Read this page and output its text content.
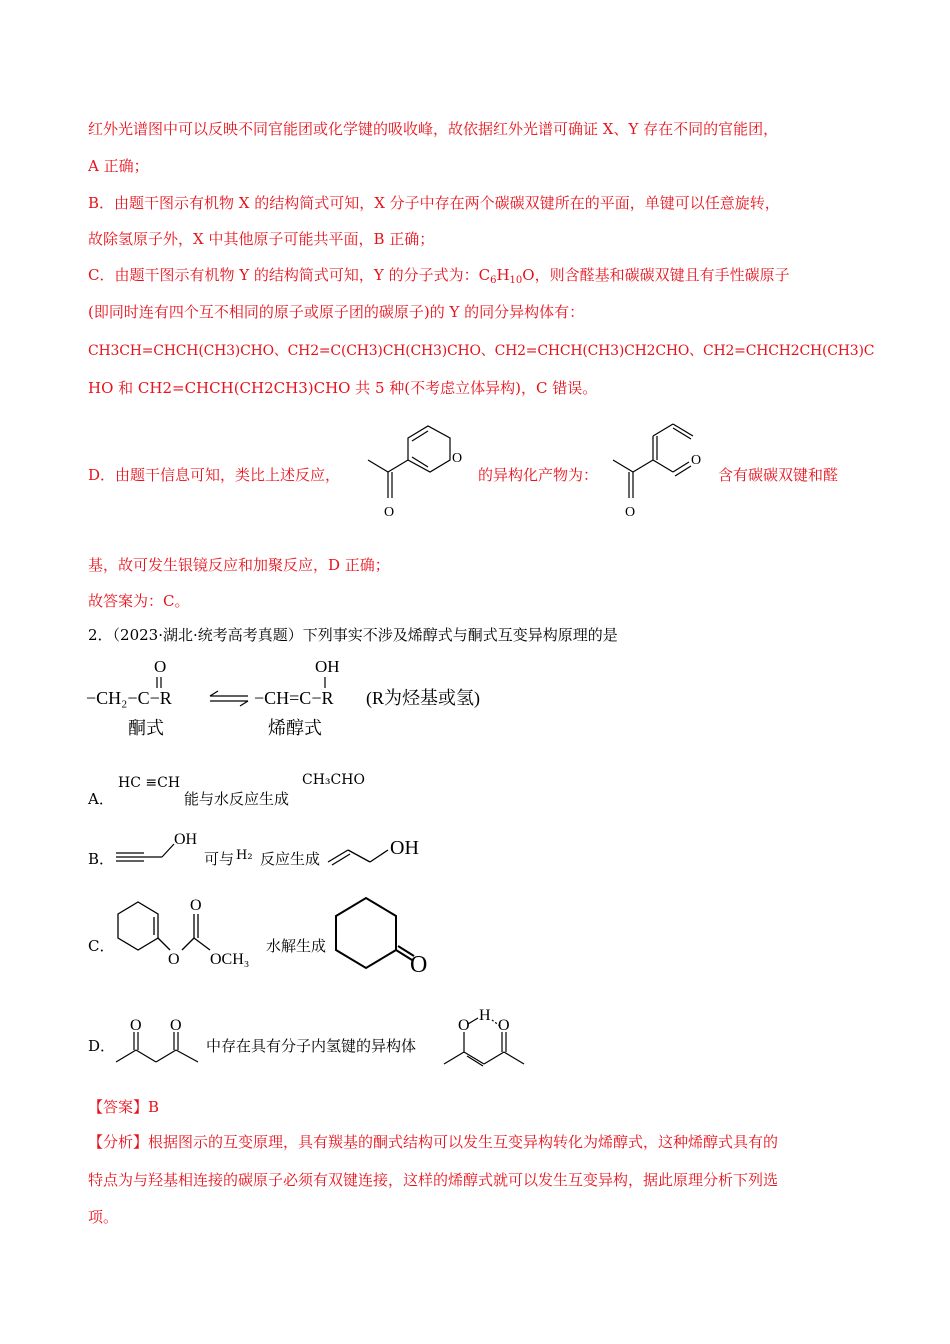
红外光谱图中可以反映不同官能团或化学键的吸收峰，故依据红外光谱可确证 X、Y 存在不同的官能团，
A 正确；
B．由题干图示有机物 X 的结构简式可知，X 分子中存在两个碳碳双键所在的平面，单键可以任意旋转，
故除氢原子外，X 中其他原子可能共平面，B 正确；
C．由题干图示有机物 Y 的结构简式可知，Y 的分子式为：$C_6H_{10}O$，则含醛基和碳碳双键且有手性碳原子
(即同时连有四个互不相同的原子或原子团的碳原子)的 Y 的同分异构体有：
CH3CH=CHCH(CH3)CHO、CH2=C(CH3)CH(CH3)CHO、CH2=CHCH(CH3)CH2CHO、CH2=CHCH2CH(CH3)C
HO 和 CH2=CHCH(CH2CH3)CHO 共 5 种(不考虑立体异构)，C 错误。
D．由题干信息可知，类比上述反应，
O
O
的异构化产物为：
O
O
含有碳碳双键和醛
基，故可发生银镜反应和加聚反应，D 正确；
故答案为：C。
2．（2023·湖北·统考高考真题）下列事实不涉及烯醇式与酮式互变异构原理的是
O
−CH₂−C−R
OH
−CH=C−R (R为烃基或氢)
酮式	烯醇式
A．
HC ≡CH
能与水反应生成
CH₃CHO
B．
OH
可与 H₂ 反应生成	OH
C．
O
O
OCH₃
水解生成
O
D．
O O
中存在具有分子内氢键的异构体
O
H
O
【答案】B
【分析】根据图示的互变原理，具有羰基的酮式结构可以发生互变异构转化为烯醇式，这种烯醇式具有的
特点为与羟基相连接的碳原子必须有双键连接，这样的烯醇式就可以发生互变异构，据此原理分析下列选
项。
